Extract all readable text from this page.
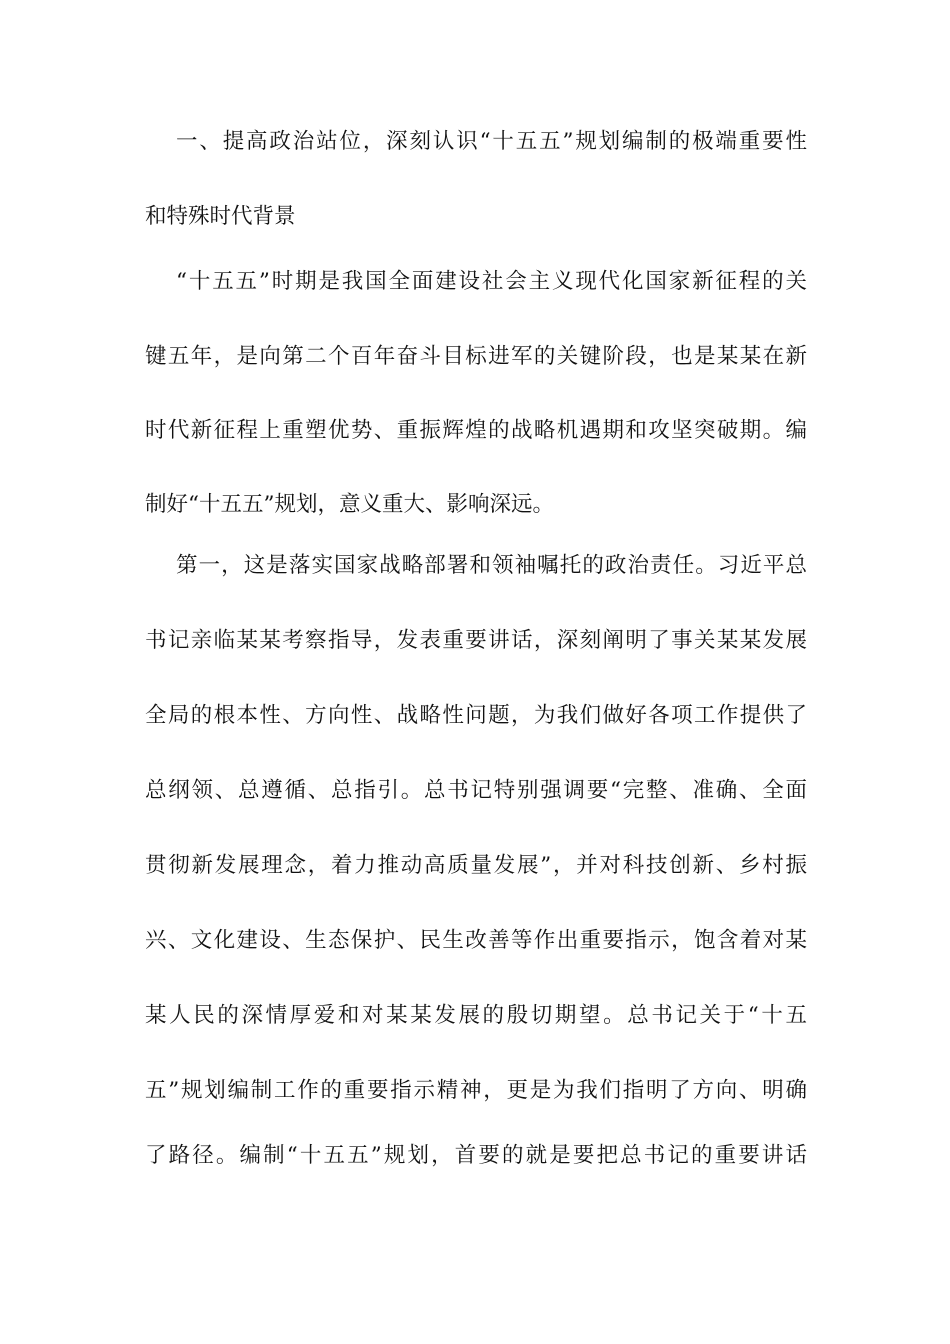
一、提高政治站位，深刻认识“十五五”规划编制的极端重要性
和特殊时代背景
“十五五”时期是我国全面建设社会主义现代化国家新征程的关
键五年，是向第二个百年奋斗目标进军的关键阶段，也是某某在新
时代新征程上重塑优势、重振辉煌的战略机遇期和攻坚突破期。编
制好“十五五”规划，意义重大、影响深远。
第一，这是落实国家战略部署和领袖嘱托的政治责任。习近平总
书记亲临某某考察指导，发表重要讲话，深刻阐明了事关某某发展
全局的根本性、方向性、战略性问题，为我们做好各项工作提供了
总纲领、总遵循、总指引。总书记特别强调要“完整、准确、全面
贯彻新发展理念，着力推动高质量发展”，并对科技创新、乡村振
兴、文化建设、生态保护、民生改善等作出重要指示，饱含着对某
某人民的深情厚爱和对某某发展的殷切期望。总书记关于“十五
五”规划编制工作的重要指示精神，更是为我们指明了方向、明确
了路径。编制“十五五”规划，首要的就是要把总书记的重要讲话
